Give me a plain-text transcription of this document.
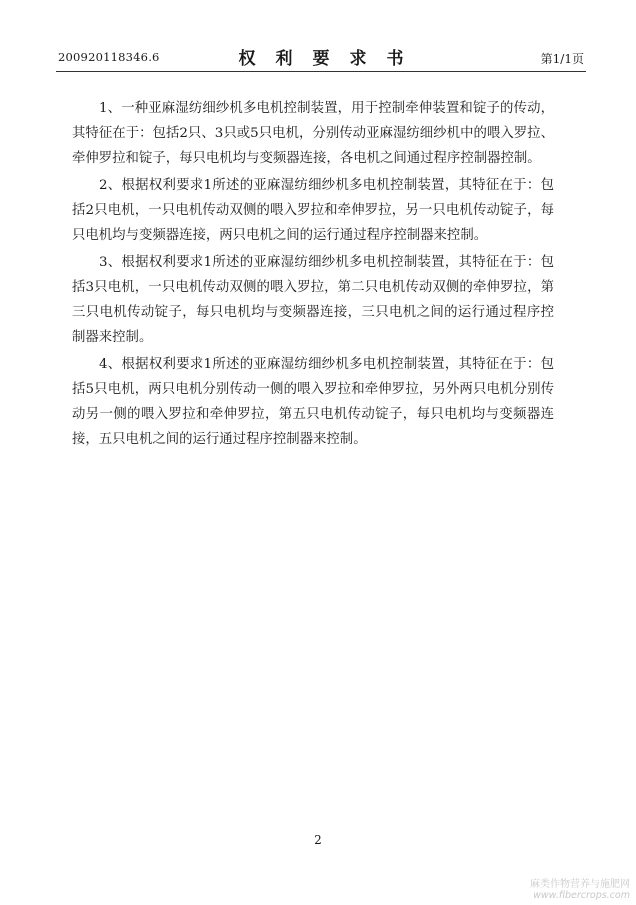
200920118346.6	权利要求书	第1/1页

1、一种亚麻湿纺细纱机多电机控制装置，用于控制牵伸装置和锭子的传动，其特征在于：包括2只、3只或5只电机，分别传动亚麻湿纺细纱机中的喂入罗拉、牵伸罗拉和锭子，每只电机均与变频器连接，各电机之间通过程序控制器控制。

2、根据权利要求1所述的亚麻湿纺细纱机多电机控制装置，其特征在于：包括2只电机，一只电机传动双侧的喂入罗拉和牵伸罗拉，另一只电机传动锭子，每只电机均与变频器连接，两只电机之间的运行通过程序控制器来控制。

3、根据权利要求1所述的亚麻湿纺细纱机多电机控制装置，其特征在于：包括3只电机，一只电机传动双侧的喂入罗拉，第二只电机传动双侧的牵伸罗拉，第三只电机传动锭子，每只电机均与变频器连接，三只电机之间的运行通过程序控制器来控制。

4、根据权利要求1所述的亚麻湿纺细纱机多电机控制装置，其特征在于：包括5只电机，两只电机分别传动一侧的喂入罗拉和牵伸罗拉，另外两只电机分别传动另一侧的喂入罗拉和牵伸罗拉，第五只电机传动锭子，每只电机均与变频器连接，五只电机之间的运行通过程序控制器来控制。

2
麻类作物营养与施肥网
www.fibercrops.com
